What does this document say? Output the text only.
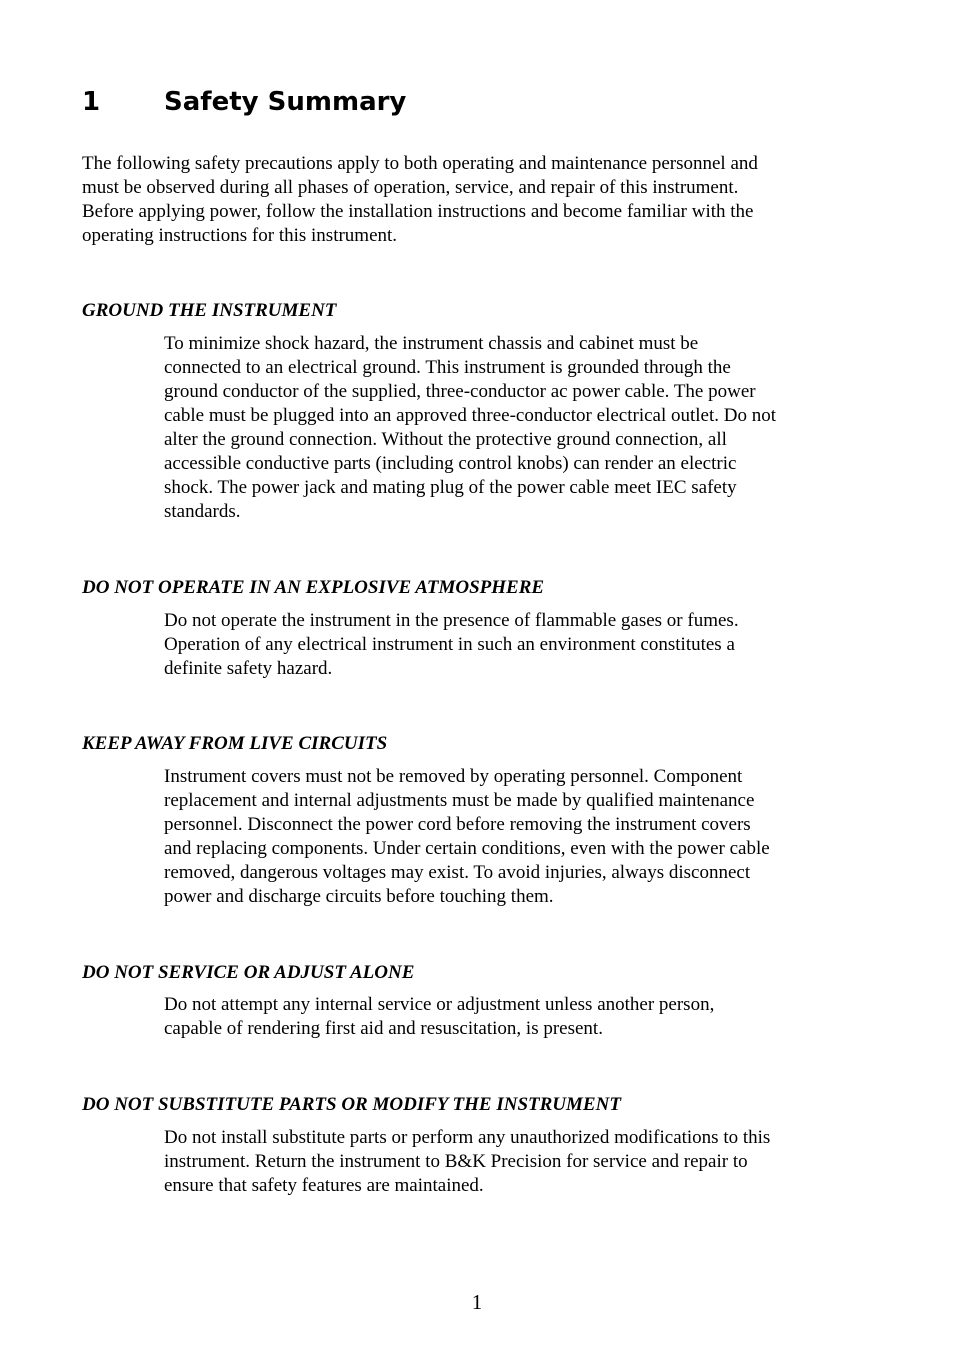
1 Safety Summary

The following safety precautions apply to both operating and maintenance personnel and
must be observed during all phases of operation, service, and repair of this instrument.
Before applying power, follow the installation instructions and become familiar with the
operating instructions for this instrument.

GROUND THE INSTRUMENT

To minimize shock hazard, the instrument chassis and cabinet must be
connected to an electrical ground. This instrument is grounded through the
ground conductor of the supplied, three-conductor ac power cable. The power
cable must be plugged into an approved three-conductor electrical outlet. Do not
alter the ground connection. Without the protective ground connection, all
accessible conductive parts (including control knobs) can render an electric
shock. The power jack and mating plug of the power cable meet IEC safety
standards.

DO NOT OPERATE IN AN EXPLOSIVE ATMOSPHERE

Do not operate the instrument in the presence of flammable gases or fumes.
Operation of any electrical instrument in such an environment constitutes a
definite safety hazard.

KEEP AWAY FROM LIVE CIRCUITS

Instrument covers must not be removed by operating personnel. Component
replacement and internal adjustments must be made by qualified maintenance
personnel. Disconnect the power cord before removing the instrument covers
and replacing components. Under certain conditions, even with the power cable
removed, dangerous voltages may exist. To avoid injuries, always disconnect
power and discharge circuits before touching them.

DO NOT SERVICE OR ADJUST ALONE

Do not attempt any internal service or adjustment unless another person,
capable of rendering first aid and resuscitation, is present.

DO NOT SUBSTITUTE PARTS OR MODIFY THE INSTRUMENT

Do not install substitute parts or perform any unauthorized modifications to this
instrument. Return the instrument to B&K Precision for service and repair to
ensure that safety features are maintained.

1
